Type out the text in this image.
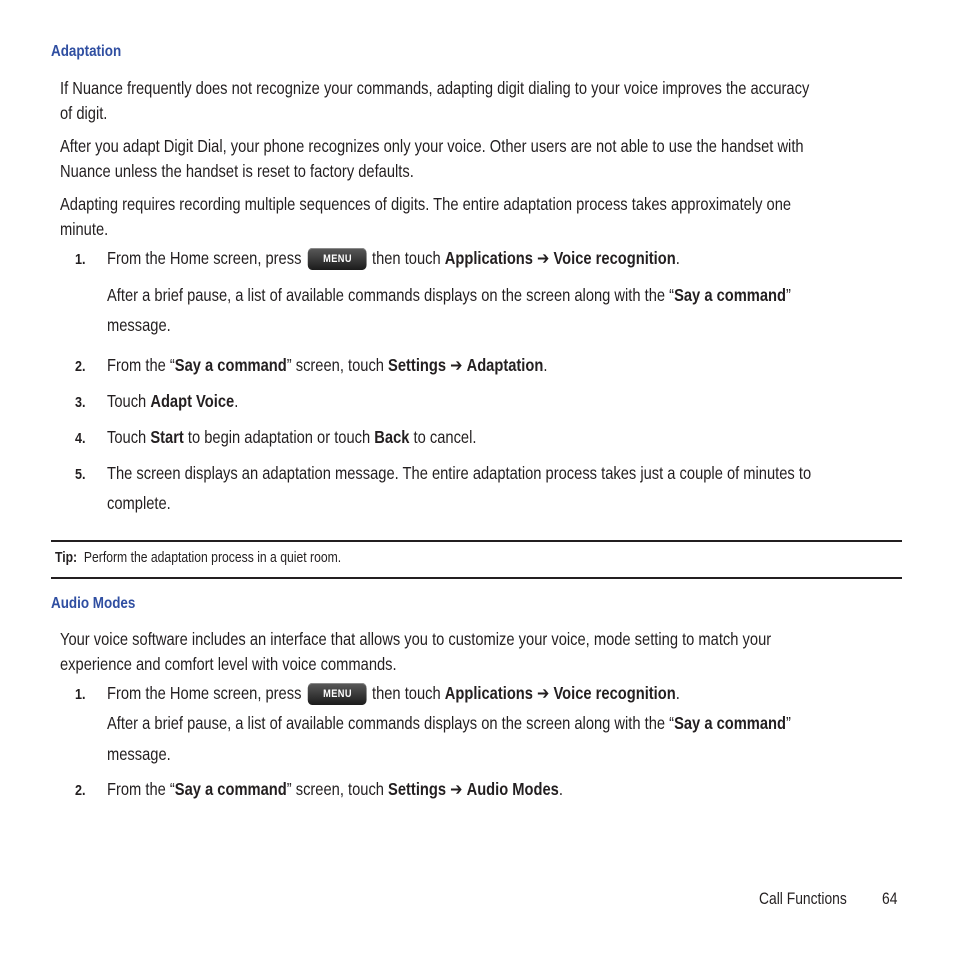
Adaptation
If Nuance frequently does not recognize your commands, adapting digit dialing to your voice improves the accuracy
of digit.
After you adapt Digit Dial, your phone recognizes only your voice. Other users are not able to use the handset with
Nuance unless the handset is reset to factory defaults.
Adapting requires recording multiple sequences of digits. The entire adaptation process takes approximately one
minute.
1. From the Home screen, press MENU then touch Applications ➔ Voice recognition.
After a brief pause, a list of available commands displays on the screen along with the “Say a command”
message.
2. From the “Say a command” screen, touch Settings ➔ Adaptation.
3. Touch Adapt Voice.
4. Touch Start to begin adaptation or touch Back to cancel.
5. The screen displays an adaptation message. The entire adaptation process takes just a couple of minutes to
complete.
Tip: Perform the adaptation process in a quiet room.
Audio Modes
Your voice software includes an interface that allows you to customize your voice, mode setting to match your
experience and comfort level with voice commands.
1. From the Home screen, press MENU then touch Applications ➔ Voice recognition.
After a brief pause, a list of available commands displays on the screen along with the “Say a command”
message.
2. From the “Say a command” screen, touch Settings ➔ Audio Modes.
Call Functions	64
